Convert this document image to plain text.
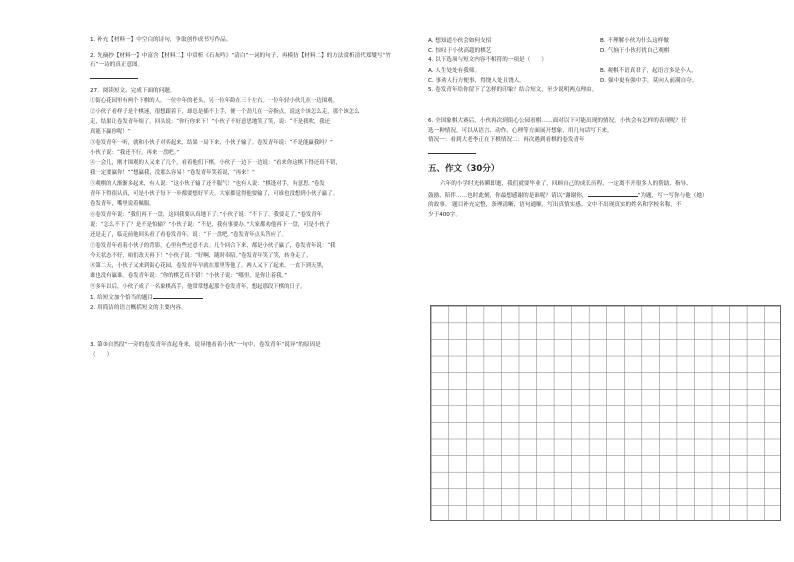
1. 补充【材料一】中空白的诗句，争取创作成书写作品。

2. 先摘抄【材料一】中富含【材料二】中赏析《石灰吟》“清白”一词的句子，再模仿【材料二】的方法赏析清代郑燮写“竹

石”一诗的真正意图。

27．阅读短文，完成下面的问题。

①街心花园里有两个下棋的人。一位中年的老头，另一位年龄在三十左右。一位年轻小伙儿在一边围观。

②小伙子看样子是个棋迷，很想跟着下，却总是插不上手，便一个劲儿在一旁指点，说这个该怎么走，那个该怎么

走，结果让卷发青年烦了，回头说：“你行你来下！”小伙子不好意思地笑了笑，说：“不是我吹，我还

真能下赢你呢！”

③卷发青年一听，就和小伙子对弈起来，结果一局下来，小伙子输了。卷发青年说：“不是能赢我吗？”

小伙子说：“我还不行，再来一盘吧。”

④一会儿，刚才围观的人又来了几个，看着他们下棋，小伙子一边下一边说：“看来你这棋下得还真不错，

我一定要赢你！”“想赢我，没那么容易！”卷发青年笑着说，“再来！”

⑤观棋的人渐渐多起来，有人说：“这小伙子输了还不服气！”也有人说：“棋逢对手，有意思。”卷发

青年下得很认真，可是小伙子每下一步都要想好半天。大家都觉得他要输了，可谁也没想到小伙子赢了。

卷发青年，嘴里说着佩服。

⑥卷发青年说：“我们再下一盘，这回我要认真地下了。”小伙子说：“不下了，我要走了。”卷发青年

说：“怎么不下了？是不是怕输？”小伙子说：“不是，我有事要办。”大家都劝他再下一盘，可是小伙子

还是走了，临走前他回头看了看卷发青年，说：“下一盘吧。”卷发青年点头答应了。

⑦卷发青年看着小伙子的背影，心里有些过意不去。几个回合下来，都是小伙子赢了，卷发青年说：“我

今天状态不好，咱们改天再下！”小伙子说：“好啊，随时奉陪。”卷发青年笑了笑，转身走了。

⑧第二天，小伙子又来到街心花园，卷发青年早就在那里等他了。两人又下了起来，一直下到天黑，

谁也没有赢谁。卷发青年说：“你的棋艺真不错！”小伙子说：“哪里，是你让着我。”

⑨多年以后，小伙子成了一名象棋高手，他常常想起那个卷发青年，想起那段下棋的日子。

1. 给短文加个恰当的题目

2. 用简洁的语言概括短文的主要内容。

3. 第③自然段“一旁的卷发青年直起身来，说异地看着小伙”一句中，卷发青年“说异”的原因是

（　　）

A. 想知道小伙会如何支招	B. 不理解小伙为什么这样做
C. 惊叹于小伙高超的棋艺	D. 气恼于小伙打扰自己观棋

4. 以下选项与短文内容不相符的一项是（　　）

A. 人生处处有我师。	B. 观棋不语真君子，起语言多是小人。
C. 事劝人行方便事，得饶人处且饶人。	D. 强中更有强中手，莫向人前满自夸。

5. 卷发青年给你留下了怎样的印象？结合短文，至少说明两点理由。

6. 全国象棋大赛后，小伙再次到街心公园看棋……面对以下可能出现的情况，小伙会有怎样的表现呢？任

选一种情况，可以从语言、动作、心理等方面展开想象，用几句话写下来。

情况一：看到大老李正在下棋情况二：再次遇到看棋的卷发青年

五、作文（30分）

六年的小学时光转瞬即逝，我们就要毕业了，回顾自己的成长历程，一定离不开很多人的帮助、指导、

鼓励、陪伴……也时此刻，你最想感谢的是谁呢？请以“谢谢你，	”为题，写一写你与他（她）

的故事。 题目补充完整，条理清晰，语句通顺，写出真情实感。文中不出现真实的姓名和学校名称，不

少于400字。
